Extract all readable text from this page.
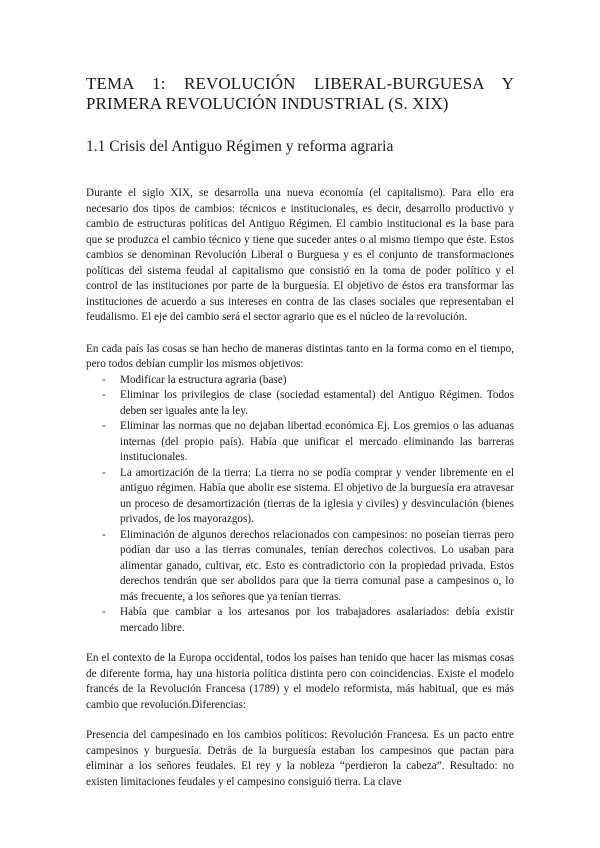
TEMA 1: REVOLUCIÓN LIBERAL-BURGUESA Y PRIMERA REVOLUCIÓN INDUSTRIAL (S. XIX)
1.1 Crisis del Antiguo Régimen y reforma agraria

Durante el siglo XIX, se desarrolla una nueva economía (el capitalismo). Para ello era necesario dos tipos de cambios: técnicos e institucionales, es decir, desarrollo productivo y cambio de estructuras políticas del Antiguo Régimen. El cambio institucional es la base para que se produzca el cambio técnico y tiene que suceder antes o al mismo tiempo que éste. Estos cambios se denominan Revolución Liberal o Burguesa y es el conjunto de transformaciones políticas del sistema feudal al capitalismo que consistió en la toma de poder político y el control de las instituciones por parte de la burguesía. El objetivo de éstos era transformar las instituciones de acuerdo a sus intereses en contra de las clases sociales que representaban el feudalismo. El eje del cambio será el sector agrario que es el núcleo de la revolución.

En cada país las cosas se han hecho de maneras distintas tanto en la forma como en el tiempo, pero todos debían cumplir los mismos objetivos:

- Modificar la estructura agraria (base)
- Eliminar los privilegios de clase (sociedad estamental) del Antiguo Régimen. Todos deben ser iguales ante la ley.
- Eliminar las normas que no dejaban libertad económica Ej. Los gremios o las aduanas internas (del propio país). Había que unificar el mercado eliminando las barreras institucionales.
- La amortización de la tierra: La tierra no se podía comprar y vender libremente en el antiguo régimen. Había que abolir ese sistema. El objetivo de la burguesía era atravesar un proceso de desamortización (tierras de la iglesia y civiles) y desvinculación (bienes privados, de los mayorazgos).
- Eliminación de algunos derechos relacionados con campesinos: no poseían tierras pero podían dar uso a las tierras comunales, tenían derechos colectivos. Lo usaban para alimentar ganado, cultivar, etc. Esto es contradictorio con la propiedad privada. Estos derechos tendrán que ser abolidos para que la tierra comunal pase a campesinos o, lo más frecuente, a los señores que ya tenían tierras.
- Había que cambiar a los artesanos por los trabajadores asalariados: debía existir mercado libre.

En el contexto de la Europa occidental, todos los países han tenido que hacer las mismas cosas de diferente forma, hay una historia política distinta pero con coincidencias. Existe el modelo francés de la Revolución Francesa (1789) y el modelo reformista, más habitual, que es más cambio que revolución.Diferencias:

Presencia del campesinado en los cambios políticos: Revolución Francesa. Es un pacto entre campesinos y burguesía. Detrás de la burguesía estaban los campesinos que pactan para eliminar a los señores feudales. El rey y la nobleza “perdieron la cabeza”. Resultado: no existen limitaciones feudales y el campesino consiguió tierra. La clave
